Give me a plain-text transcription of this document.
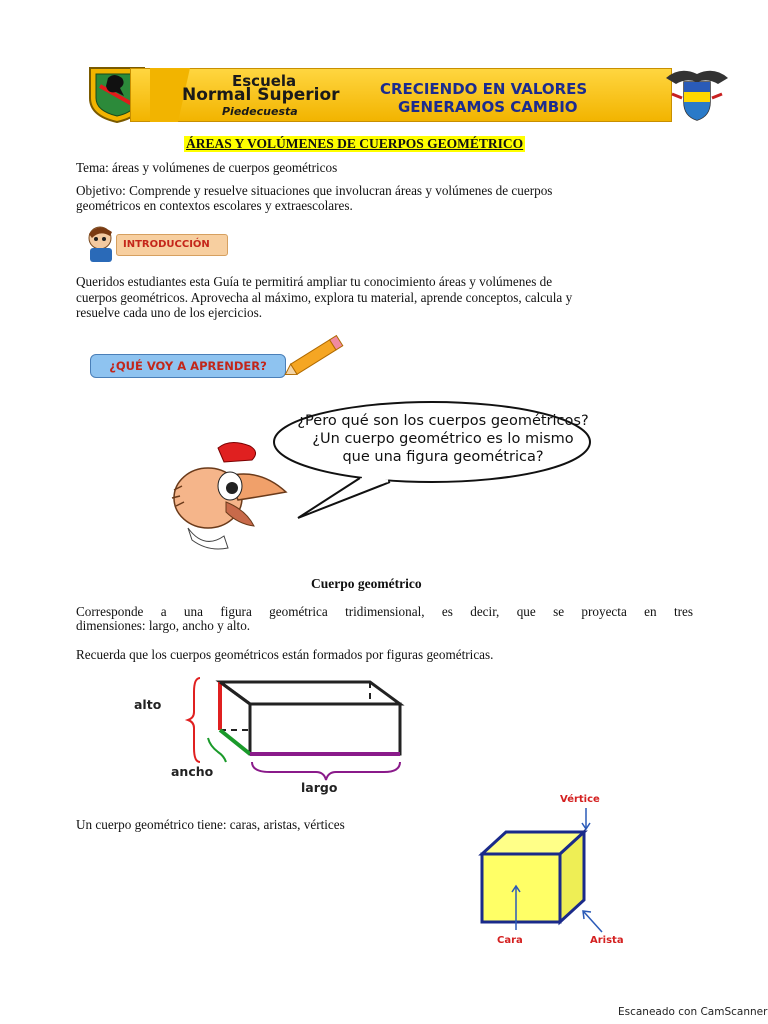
Escuela
Normal Superior
Piedecuesta
CRECIENDO EN VALORES
GENERAMOS CAMBIO
ÁREAS Y VOLÚMENES DE CUERPOS GEOMÉTRICO
Tema: áreas y volúmenes de cuerpos geométricos
Objetivo: Comprende y resuelve situaciones que involucran áreas y volúmenes de cuerpos
geométricos en contextos escolares y extraescolares.
INTRODUCCIÓN
Queridos estudiantes esta Guía te permitirá ampliar tu conocimiento áreas y volúmenes de
cuerpos geométricos. Aprovecha al máximo, explora tu material, aprende conceptos, calcula y
resuelve cada uno de los ejercicios.
¿QUÉ VOY A APRENDER?
¿Pero qué son los cuerpos geométricos?
¿Un cuerpo geométrico es lo mismo
que una figura geométrica?
Cuerpo geométrico
Corresponde a una figura geométrica tridimensional, es decir, que se proyecta en tres
dimensiones: largo, ancho y alto.
Recuerda que los cuerpos geométricos están formados por figuras geométricas.
alto
ancho
largo
Un cuerpo geométrico tiene: caras, aristas, vértices
Vértice
Cara	Arista
Escaneado con CamScanner
